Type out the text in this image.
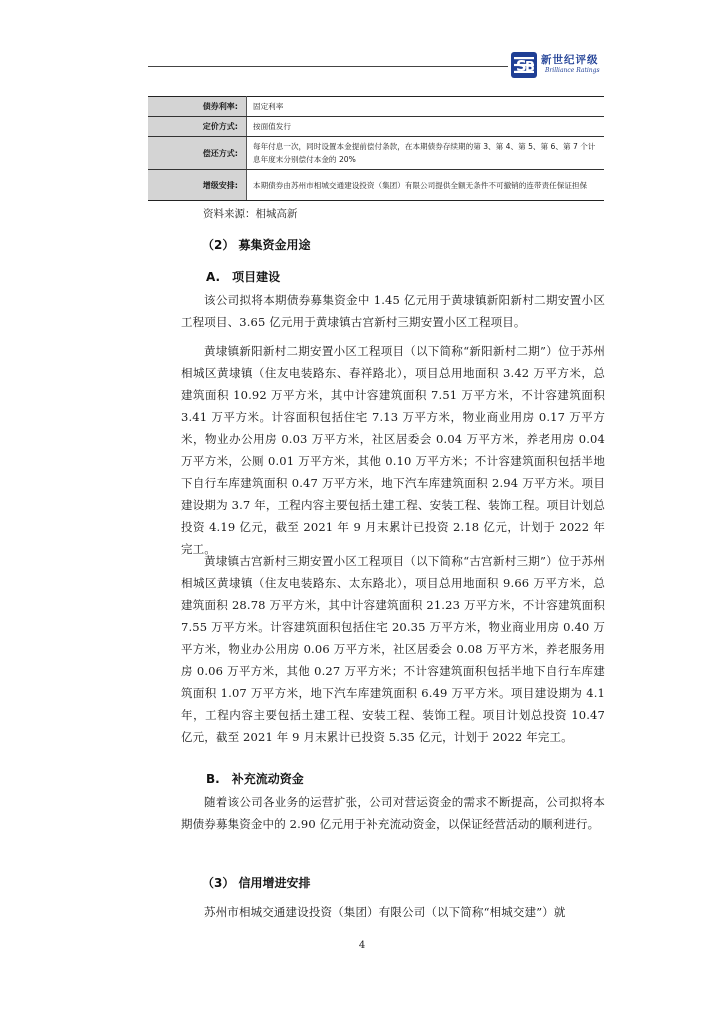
S
B 新世纪评级
Brilliance Ratings
债券利率:	固定利率
定价方式:	按面值发行
偿还方式:	每年付息一次，同时设置本金提前偿付条款，在本期债券存续期的第 3、第 4、第 5、第 6、第 7 个计息年度末分别偿付本金的 20%
增级安排:	本期债券由苏州市相城交通建设投资（集团）有限公司提供全额无条件不可撤销的连带责任保证担保
资料来源：相城高新
（2） 募集资金用途
A.　项目建设
该公司拟将本期债券募集资金中 1.45 亿元用于黄埭镇新阳新村二期安置小区工程项目、3.65 亿元用于黄埭镇古宫新村三期安置小区工程项目。
黄埭镇新阳新村二期安置小区工程项目（以下简称“新阳新村二期”）位于苏州相城区黄埭镇（住友电装路东、春祥路北），项目总用地面积 3.42 万平方米，总建筑面积 10.92 万平方米，其中计容建筑面积 7.51 万平方米，不计容建筑面积 3.41 万平方米。计容面积包括住宅 7.13 万平方米，物业商业用房 0.17 万平方米，物业办公用房 0.03 万平方米，社区居委会 0.04 万平方米，养老用房 0.04 万平方米，公厕 0.01 万平方米，其他 0.10 万平方米；不计容建筑面积包括半地下自行车库建筑面积 0.47 万平方米，地下汽车库建筑面积 2.94 万平方米。项目建设期为 3.7 年，工程内容主要包括土建工程、安装工程、装饰工程。项目计划总投资 4.19 亿元，截至 2021 年 9 月末累计已投资 2.18 亿元，计划于 2022 年完工。
黄埭镇古宫新村三期安置小区工程项目（以下简称“古宫新村三期”）位于苏州相城区黄埭镇（住友电装路东、太东路北），项目总用地面积 9.66 万平方米，总建筑面积 28.78 万平方米，其中计容建筑面积 21.23 万平方米，不计容建筑面积 7.55 万平方米。计容建筑面积包括住宅 20.35 万平方米，物业商业用房 0.40 万平方米，物业办公用房 0.06 万平方米，社区居委会 0.08 万平方米，养老服务用房 0.06 万平方米，其他 0.27 万平方米；不计容建筑面积包括半地下自行车库建筑面积 1.07 万平方米，地下汽车库建筑面积 6.49 万平方米。项目建设期为 4.1 年，工程内容主要包括土建工程、安装工程、装饰工程。项目计划总投资 10.47 亿元，截至 2021 年 9 月末累计已投资 5.35 亿元，计划于 2022 年完工。
B.　补充流动资金
随着该公司各业务的运营扩张，公司对营运资金的需求不断提高，公司拟将本期债券募集资金中的 2.90 亿元用于补充流动资金，以保证经营活动的顺利进行。
（3） 信用增进安排
苏州市相城交通建设投资（集团）有限公司（以下简称“相城交建”）就
4
